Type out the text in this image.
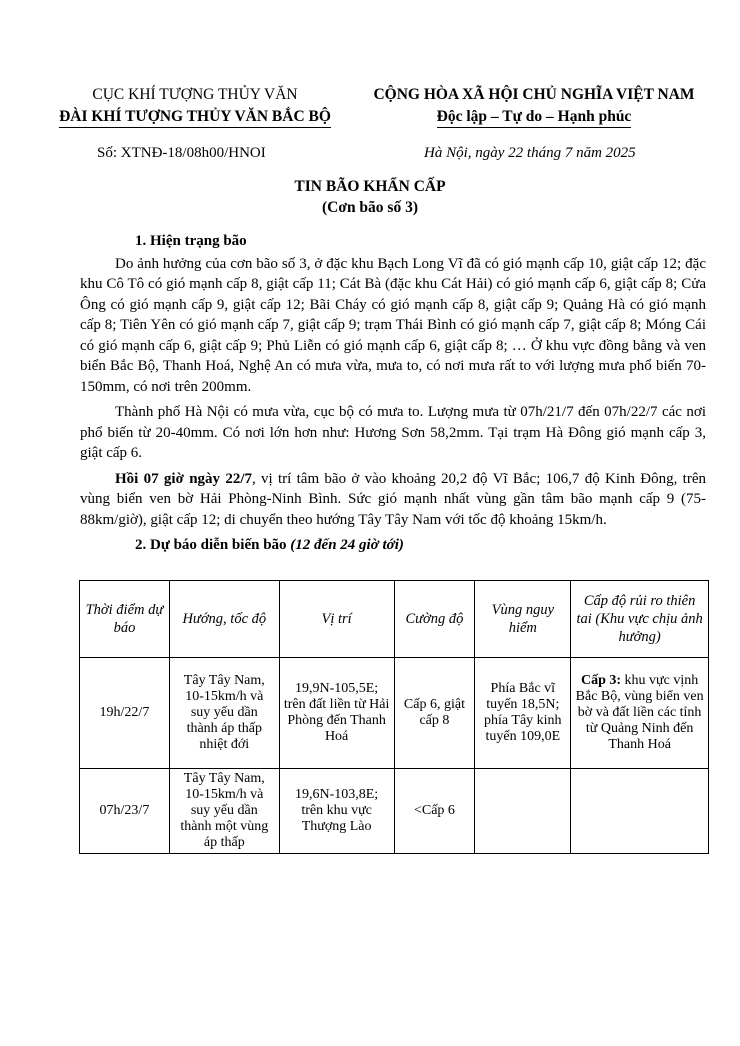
CỤC KHÍ TƯỢNG THỦY VĂN
ĐÀI KHÍ TƯỢNG THỦY VĂN BẮC BỘ
CỘNG HÒA XÃ HỘI CHỦ NGHĨA VIỆT NAM
Độc lập – Tự do – Hạnh phúc
Số: XTNĐ-18/08h00/HNOI	Hà Nội, ngày 22 tháng 7 năm 2025
TIN BÃO KHẨN CẤP
(Cơn bão số 3)
1. Hiện trạng bão

Do ảnh hưởng của cơn bão số 3, ở đặc khu Bạch Long Vĩ đã có gió mạnh cấp 10, giật cấp 12; đặc khu Cô Tô có gió mạnh cấp 8, giật cấp 11; Cát Bà (đặc khu Cát Hải) có gió mạnh cấp 6, giật cấp 8; Cửa Ông có gió mạnh cấp 9, giật cấp 12; Bãi Cháy có gió mạnh cấp 8, giật cấp 9; Quảng Hà có gió mạnh cấp 8; Tiên Yên có gió mạnh cấp 7, giật cấp 9; trạm Thái Bình có gió mạnh cấp 7, giật cấp 8; Móng Cái có gió mạnh cấp 6, giật cấp 9; Phủ Liễn có gió mạnh cấp 6, giật cấp 8; … Ở khu vực đồng bằng và ven biển Bắc Bộ, Thanh Hoá, Nghệ An có mưa vừa, mưa to, có nơi mưa rất to với lượng mưa phổ biến 70-150mm, có nơi trên 200mm.

Thành phố Hà Nội có mưa vừa, cục bộ có mưa to. Lượng mưa từ 07h/21/7 đến 07h/22/7 các nơi phổ biến từ 20-40mm. Có nơi lớn hơn như: Hương Sơn 58,2mm. Tại trạm Hà Đông gió mạnh cấp 3, giật cấp 6.

Hồi 07 giờ ngày 22/7, vị trí tâm bão ở vào khoảng 20,2 độ Vĩ Bắc; 106,7 độ Kinh Đông, trên vùng biển ven bờ Hải Phòng-Ninh Bình. Sức gió mạnh nhất vùng gần tâm bão mạnh cấp 9 (75-88km/giờ), giật cấp 12; di chuyển theo hướng Tây Tây Nam với tốc độ khoảng 15km/h.

2. Dự báo diễn biến bão (12 đến 24 giờ tới)
Thời điểm dự báo	Hướng, tốc độ	Vị trí	Cường độ	Vùng nguy hiểm	Cấp độ rủi ro thiên tai (Khu vực chịu ảnh hưởng)
19h/22/7	Tây Tây Nam, 10-15km/h và suy yếu dần thành áp thấp nhiệt đới	19,9N-105,5E; trên đất liền từ Hải Phòng đến Thanh Hoá	Cấp 6, giật cấp 8	Phía Bắc vĩ tuyến 18,5N; phía Tây kinh tuyến 109,0E	Cấp 3: khu vực vịnh Bắc Bộ, vùng biển ven bờ và đất liền các tỉnh từ Quảng Ninh đến Thanh Hoá
07h/23/7	Tây Tây Nam, 10-15km/h và suy yếu dần thành một vùng áp thấp	19,6N-103,8E; trên khu vực Thượng Lào	<Cấp 6		
